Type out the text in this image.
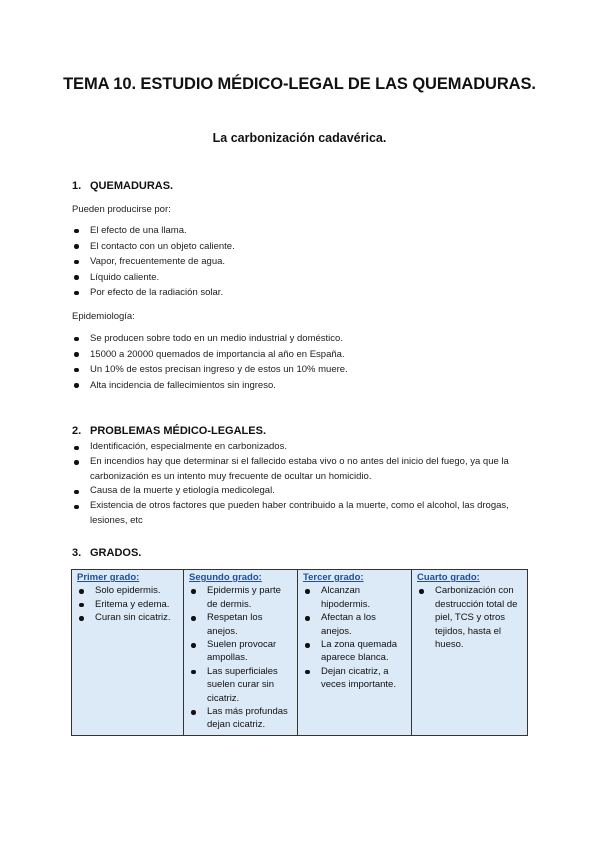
TEMA 10. ESTUDIO MÉDICO-LEGAL DE LAS QUEMADURAS.
La carbonización cadavérica.
1. QUEMADURAS.
Pueden producirse por:
El efecto de una llama.
El contacto con un objeto caliente.
Vapor, frecuentemente de agua.
Líquido caliente.
Por efecto de la radiación solar.
Epidemiología:
Se producen sobre todo en un medio industrial y doméstico.
15000 a 20000 quemados de importancia al año en España.
Un 10% de estos precisan ingreso y de estos un 10% muere.
Alta incidencia de fallecimientos sin ingreso.
2. PROBLEMAS MÉDICO-LEGALES.
Identificación, especialmente en carbonizados.
En incendios hay que determinar si el fallecido estaba vivo o no antes del inicio del fuego, ya que la carbonización es un intento muy frecuente de ocultar un homicidio.
Causa de la muerte y etiología medicolegal.
Existencia de otros factores que pueden haber contribuido a la muerte, como el alcohol, las drogas, lesiones, etc
3. GRADOS.
Primer grado:
Solo epidermis.
Eritema y edema.
Curan sin cicatriz.

Segundo grado:
Epidermis y parte de dermis.
Respetan los anejos.
Suelen provocar ampollas.
Las superficiales suelen curar sin cicatriz.
Las más profundas dejan cicatriz.

Tercer grado:
Alcanzan hipodermis.
Afectan a los anejos.
La zona quemada aparece blanca.
Dejan cicatriz, a veces importante.

Cuarto grado:
Carbonización con destrucción total de piel, TCS y otros tejidos, hasta el hueso.
